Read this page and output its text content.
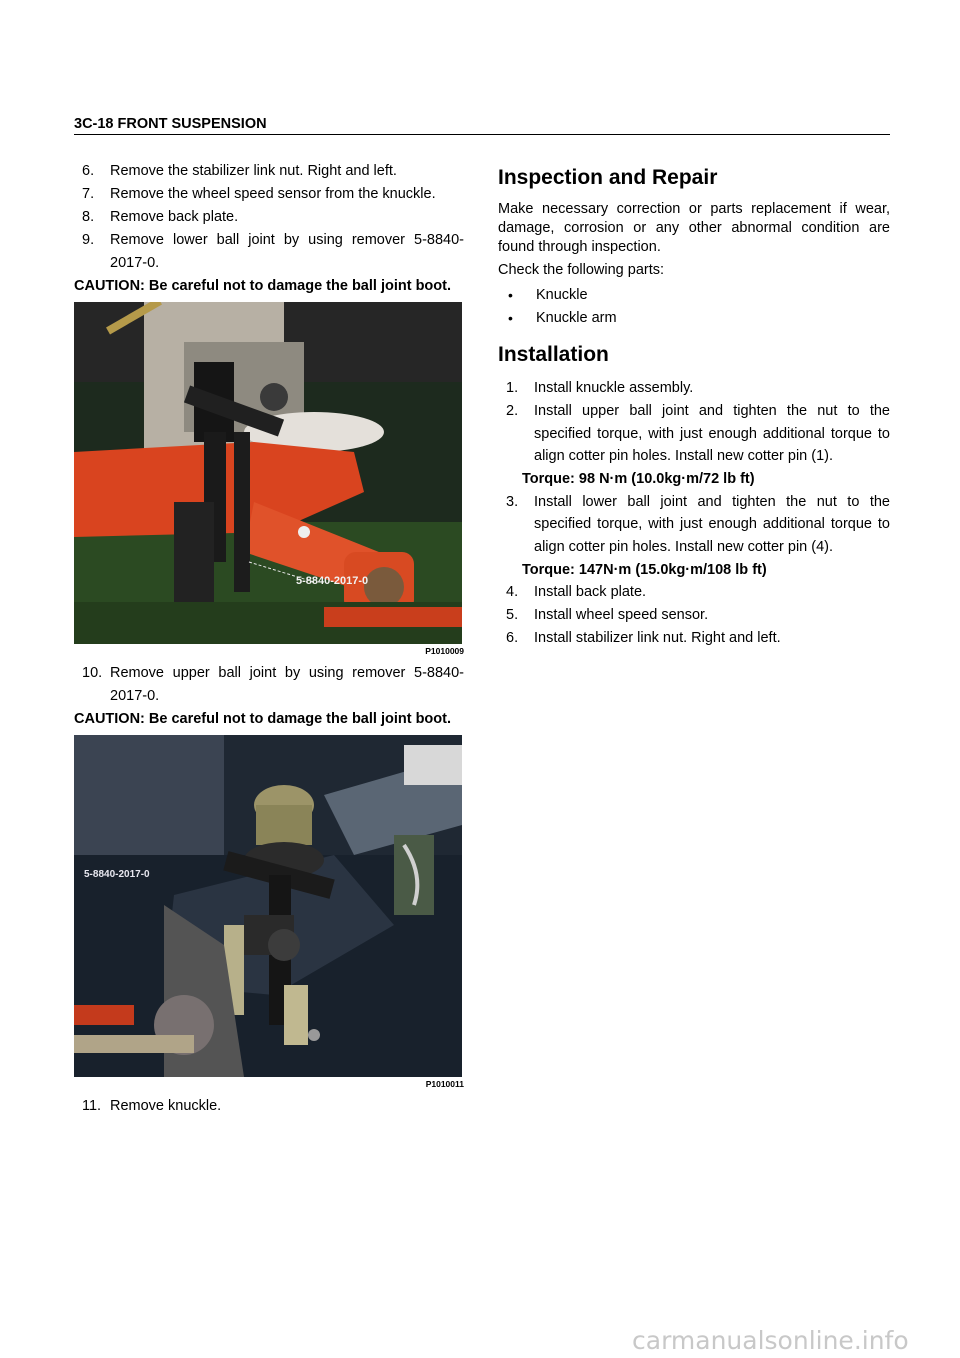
3C-18 FRONT SUSPENSION
6. Remove the stabilizer link nut. Right and left.
7. Remove the wheel speed sensor from the knuckle.
8. Remove back plate.
9. Remove lower ball joint by using remover 5-8840-2017-0.
CAUTION: Be careful not to damage the ball joint boot.
5-8840-2017-0
P1010009
10. Remove upper ball joint by using remover 5-8840-2017-0.
CAUTION: Be careful not to damage the ball joint boot.
5-8840-2017-0
P1010011
11. Remove knuckle.
Inspection and Repair

Make necessary correction or parts replacement if wear, damage, corrosion or any other abnormal condition are found through inspection.

Check the following parts:

• Knuckle
• Knuckle arm
Installation
1. Install knuckle assembly.
2. Install upper ball joint and tighten the nut to the specified torque, with just enough additional torque to align cotter pin holes. Install new cotter pin (1).
Torque: 98 N·m (10.0kg·m/72 lb ft)
3. Install lower ball joint and tighten the nut to the specified torque, with just enough additional torque to align cotter pin holes. Install new cotter pin (4).
Torque: 147N·m (15.0kg·m/108 lb ft)
4. Install back plate.
5. Install wheel speed sensor.
6. Install stabilizer link nut. Right and left.
carmanualsonline.info
